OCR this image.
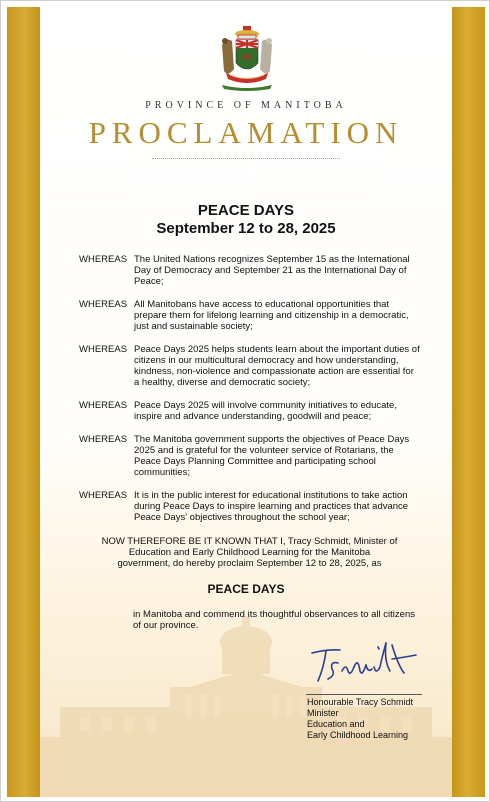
PROVINCE OF MANITOBA
PROCLAMATION
PEACE DAYS
September 12 to 28, 2025
WHEREAS The United Nations recognizes September 15 as the International
Day of Democracy and September 21 as the International Day of
Peace;
WHEREAS All Manitobans have access to educational opportunities that
prepare them for lifelong learning and citizenship in a democratic,
just and sustainable society;
WHEREAS Peace Days 2025 helps students learn about the important duties of
citizens in our multicultural democracy and how understanding,
kindness, non-violence and compassionate action are essential for
a healthy, diverse and democratic society;
WHEREAS Peace Days 2025 will involve community initiatives to educate,
inspire and advance understanding, goodwill and peace;
WHEREAS The Manitoba government supports the objectives of Peace Days
2025 and is grateful for the volunteer service of Rotarians, the
Peace Days Planning Committee and participating school
communities;
WHEREAS It is in the public interest for educational institutions to take action
during Peace Days to inspire learning and practices that advance
Peace Days' objectives throughout the school year;
NOW THEREFORE BE IT KNOWN THAT I, Tracy Schmidt, Minister of
Education and Early Childhood Learning for the Manitoba
government, do hereby proclaim September 12 to 28, 2025, as
PEACE DAYS
in Manitoba and commend its thoughtful observances to all citizens
of our province.
Honourable Tracy Schmidt
Minister
Education and
Early Childhood Learning
